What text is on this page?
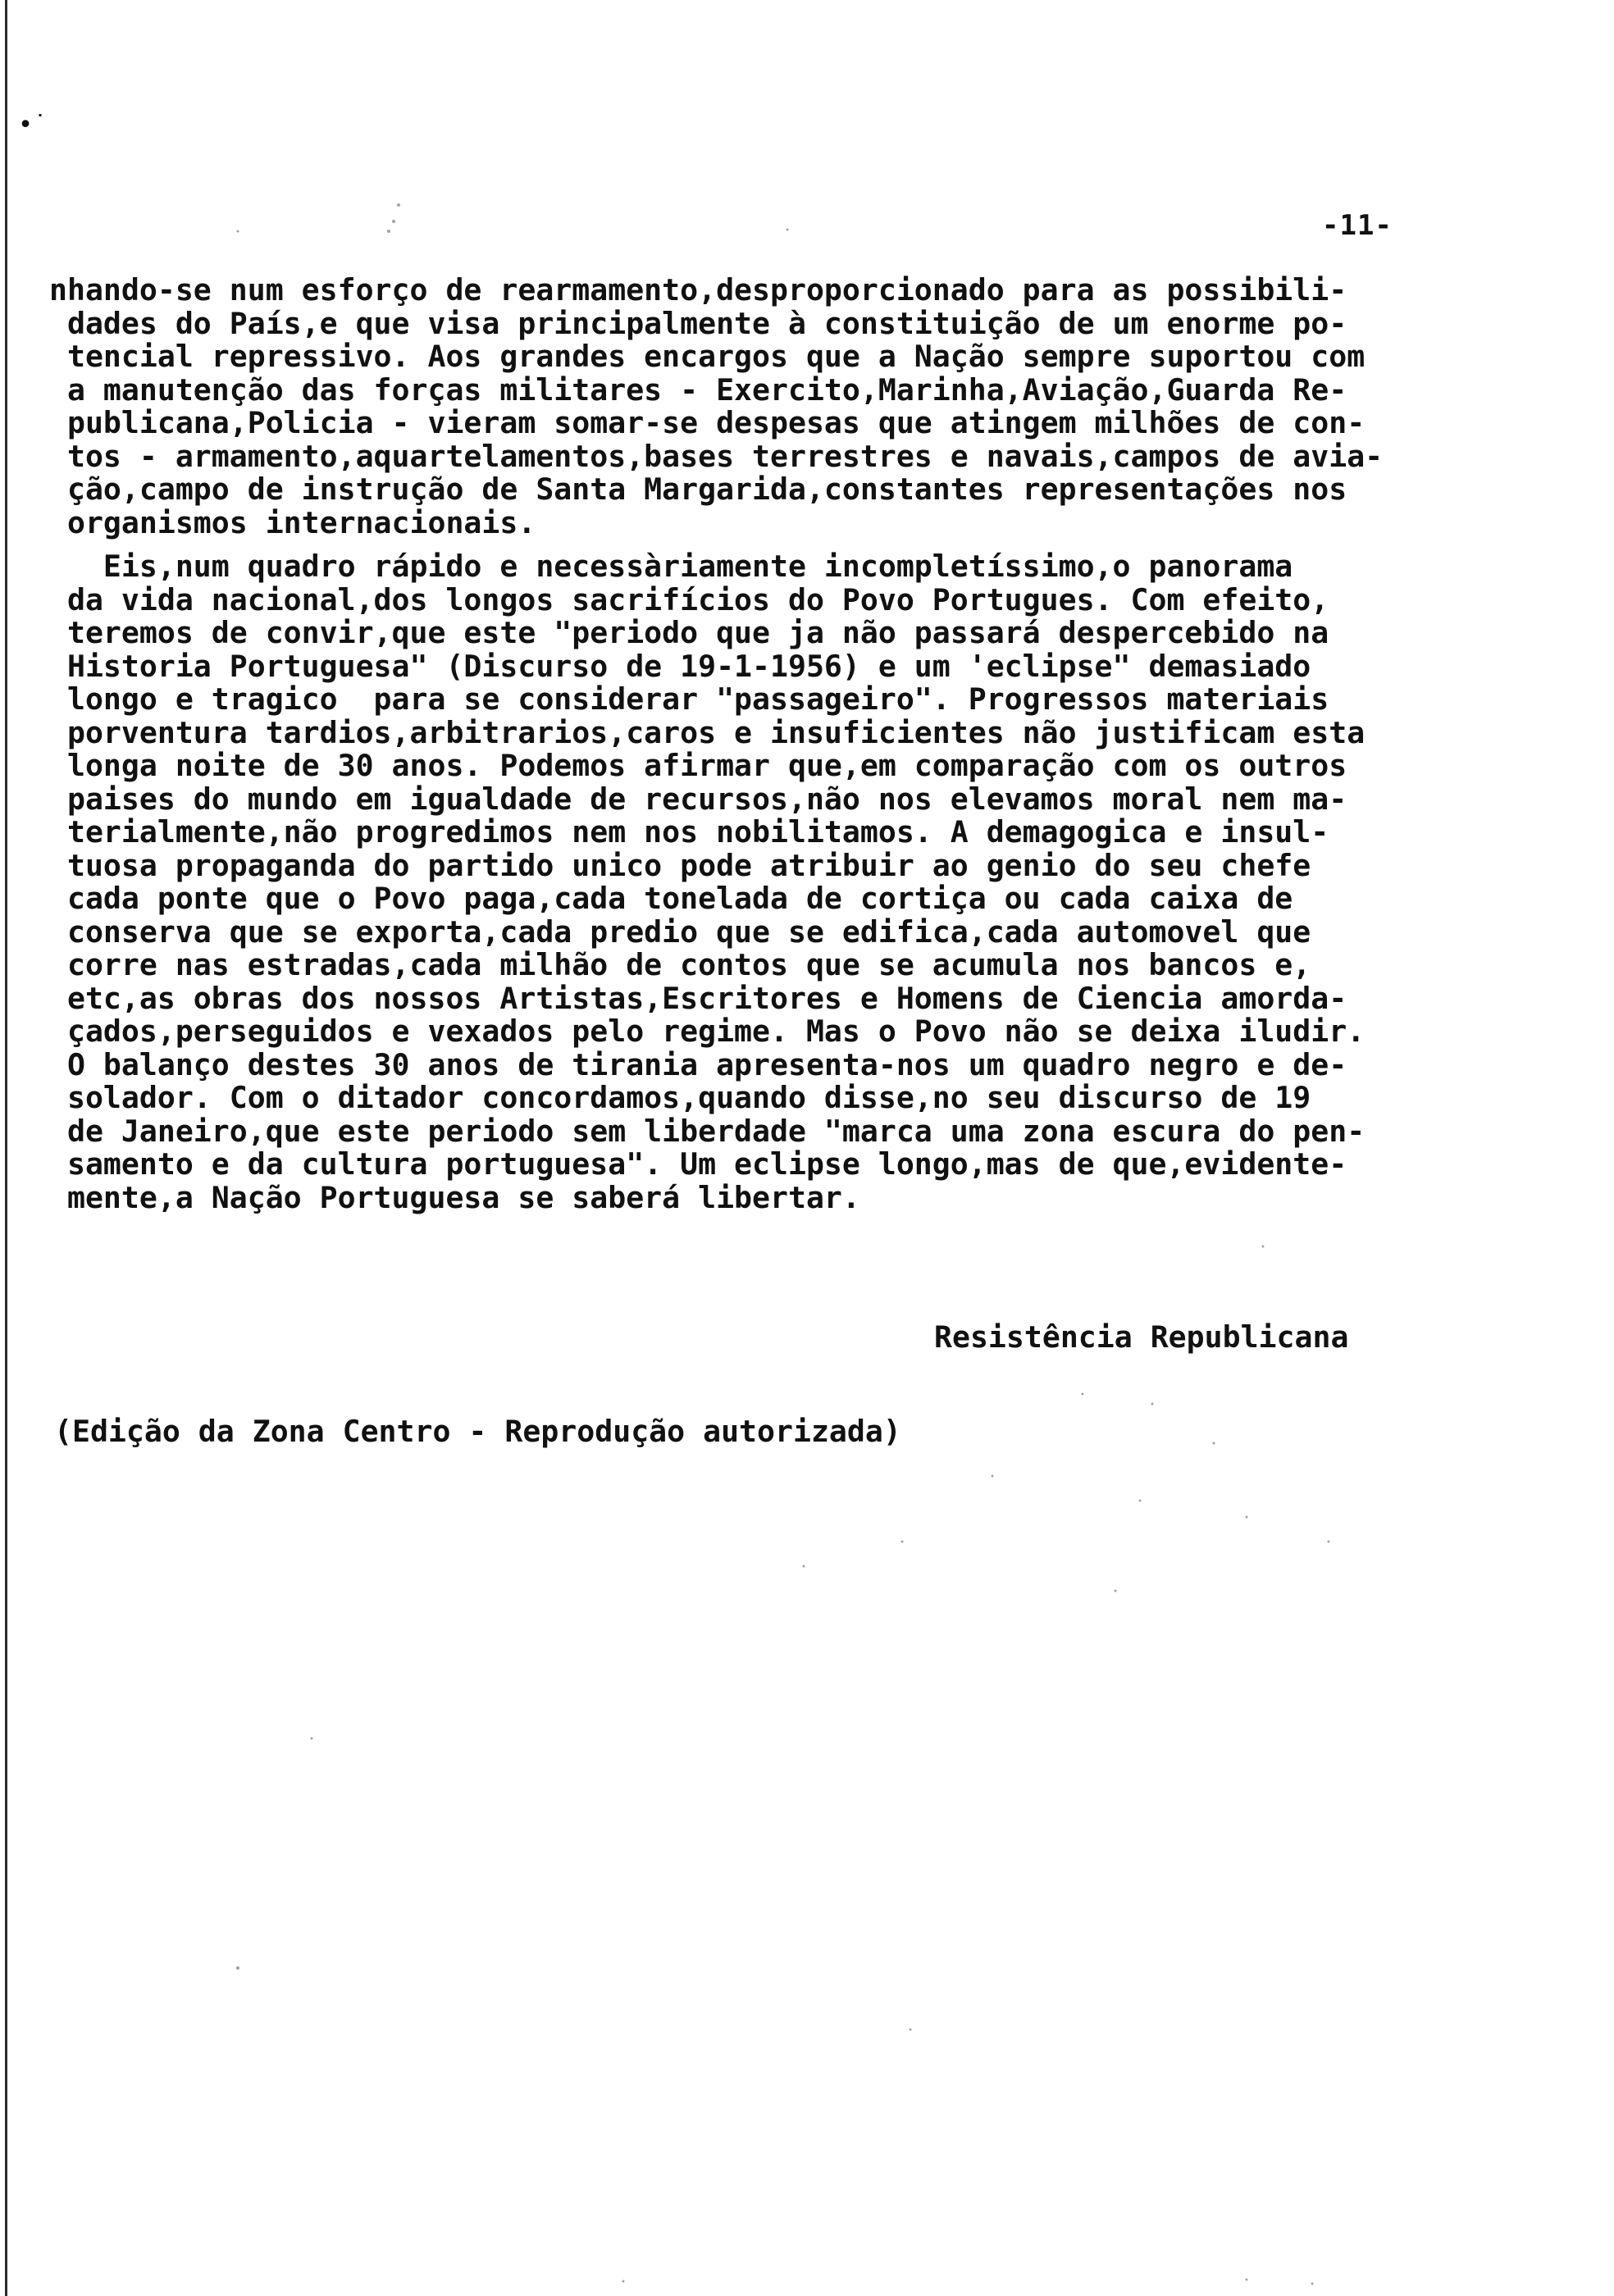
•̇
-11-
nhando-se num esforço de rearmamento,desproporcionado para as possibili-
dades do País,e que visa principalmente à constituição de um enorme po-
tencial repressivo. Aos grandes encargos que a Nação sempre suportou com
a manutenção das forças militares - Exercito,Marinha,Aviação,Guarda Re-
publicana,Policia - vieram somar-se despesas que atingem milhões de con-
tos - armamento,aquartelamentos,bases terrestres e navais,campos de avia-
ção,campo de instrução de Santa Margarida,constantes representações nos
organismos internacionais.
Eis,num quadro rápido e necessàriamente incompletíssimo,o panorama
da vida nacional,dos longos sacrifícios do Povo Portugues. Com efeito,
teremos de convir,que este "periodo que ja não passará despercebido na
Historia Portuguesa" (Discurso de 19-1-1956) e um 'eclipse" demasiado
longo e tragico  para se considerar "passageiro". Progressos materiais
porventura tardios,arbitrarios,caros e insuficientes não justificam esta
longa noite de 30 anos. Podemos afirmar que,em comparação com os outros
paises do mundo em igualdade de recursos,não nos elevamos moral nem ma-
terialmente,não progredimos nem nos nobilitamos. A demagogica e insul-
tuosa propaganda do partido unico pode atribuir ao genio do seu chefe
cada ponte que o Povo paga,cada tonelada de cortiça ou cada caixa de
conserva que se exporta,cada predio que se edifica,cada automovel que
corre nas estradas,cada milhão de contos que se acumula nos bancos e,
etc,as obras dos nossos Artistas,Escritores e Homens de Ciencia amorda-
çados,perseguidos e vexados pelo regime. Mas o Povo não se deixa iludir.
O balanço destes 30 anos de tirania apresenta-nos um quadro negro e de-
solador. Com o ditador concordamos,quando disse,no seu discurso de 19
de Janeiro,que este periodo sem liberdade "marca uma zona escura do pen-
samento e da cultura portuguesa". Um eclipse longo,mas de que,evidente-
mente,a Nação Portuguesa se saberá libertar.
Resistência Republicana
(Edição da Zona Centro - Reprodução autorizada)
